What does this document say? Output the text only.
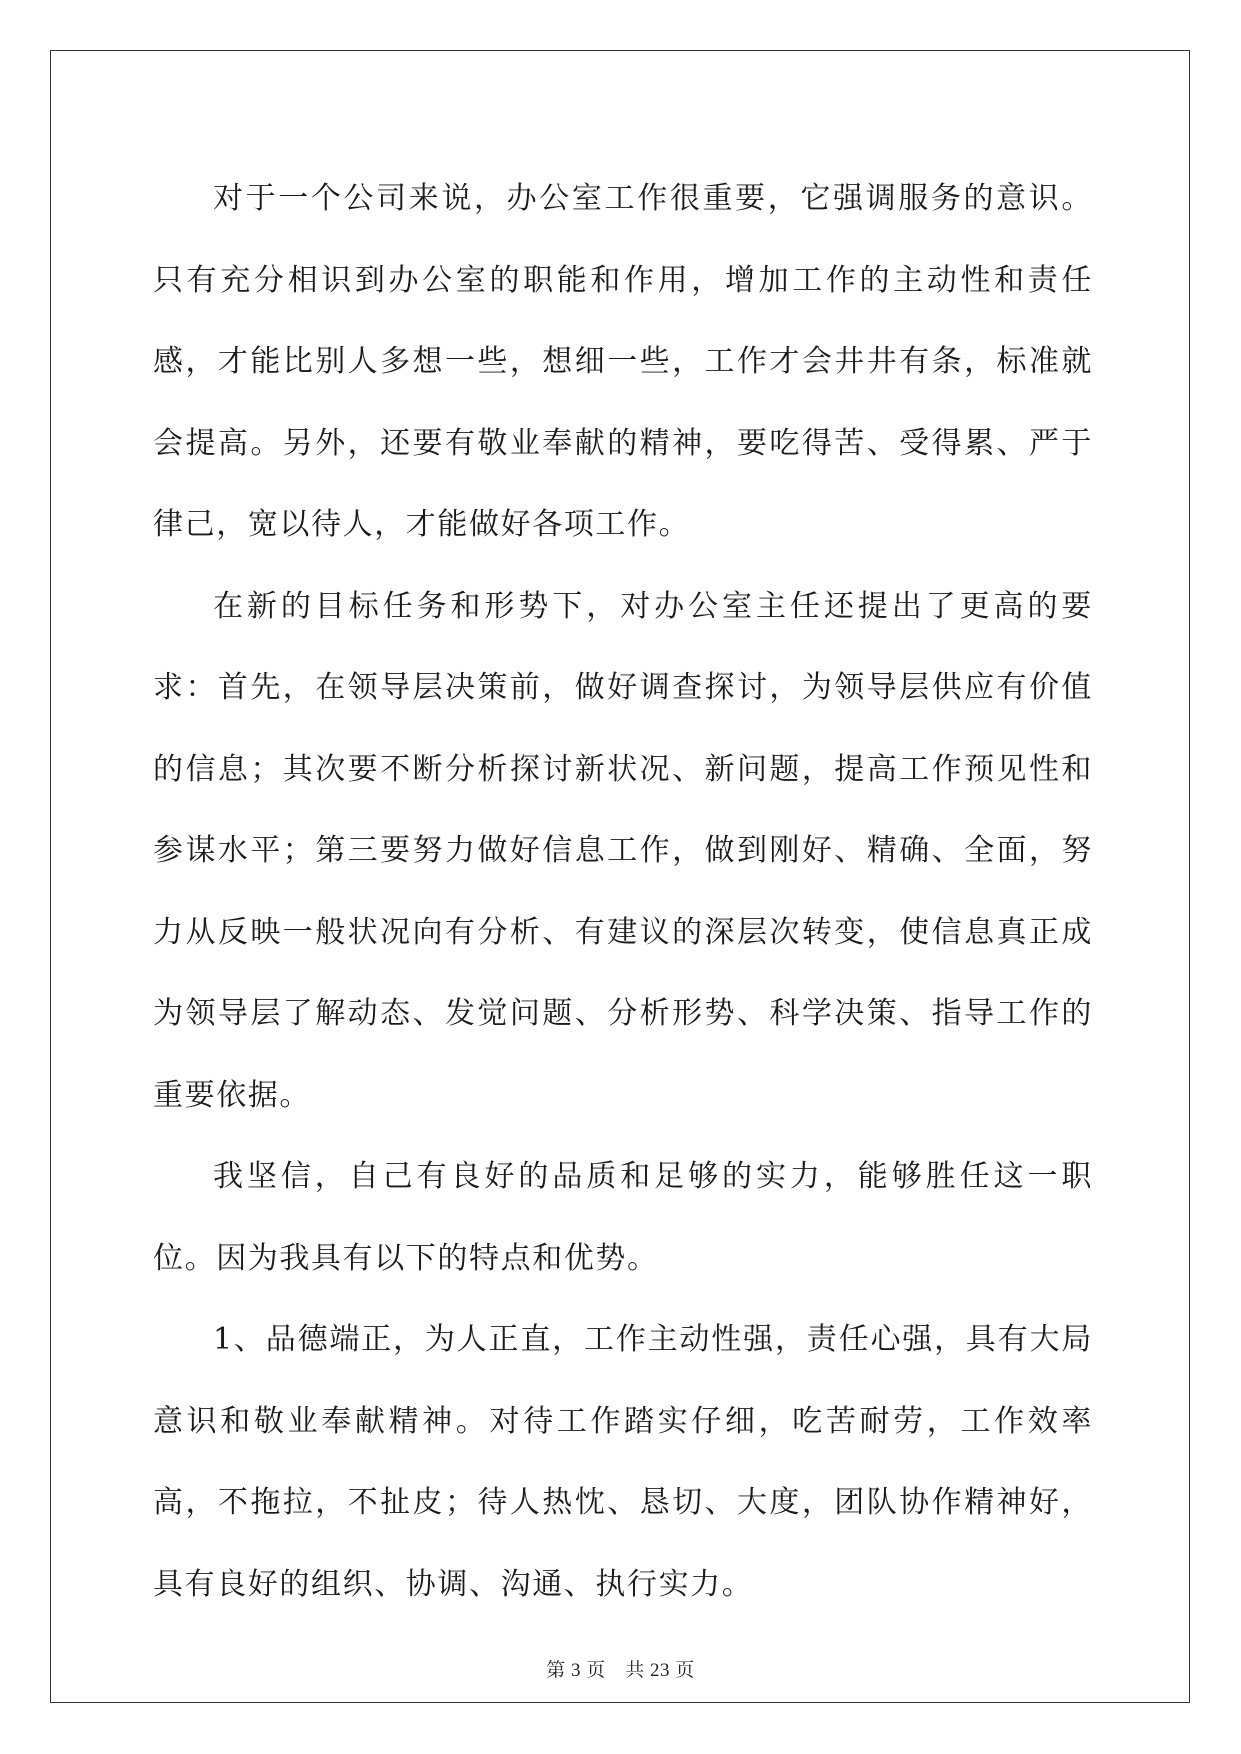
对于一个公司来说，办公室工作很重要，它强调服务的意识。只有充分相识到办公室的职能和作用，增加工作的主动性和责任感，才能比别人多想一些，想细一些，工作才会井井有条，标准就会提高。另外，还要有敬业奉献的精神，要吃得苦、受得累、严于律己，宽以待人，才能做好各项工作。

在新的目标任务和形势下，对办公室主任还提出了更高的要求：首先，在领导层决策前，做好调查探讨，为领导层供应有价值的信息；其次要不断分析探讨新状况、新问题，提高工作预见性和参谋水平；第三要努力做好信息工作，做到刚好、精确、全面，努力从反映一般状况向有分析、有建议的深层次转变，使信息真正成为领导层了解动态、发觉问题、分析形势、科学决策、指导工作的重要依据。

我坚信，自己有良好的品质和足够的实力，能够胜任这一职位。因为我具有以下的特点和优势。

1、品德端正，为人正直，工作主动性强，责任心强，具有大局意识和敬业奉献精神。对待工作踏实仔细，吃苦耐劳，工作效率高，不拖拉，不扯皮；待人热忱、恳切、大度，团队协作精神好，具有良好的组织、协调、沟通、执行实力。

第 3 页　共 23 页
